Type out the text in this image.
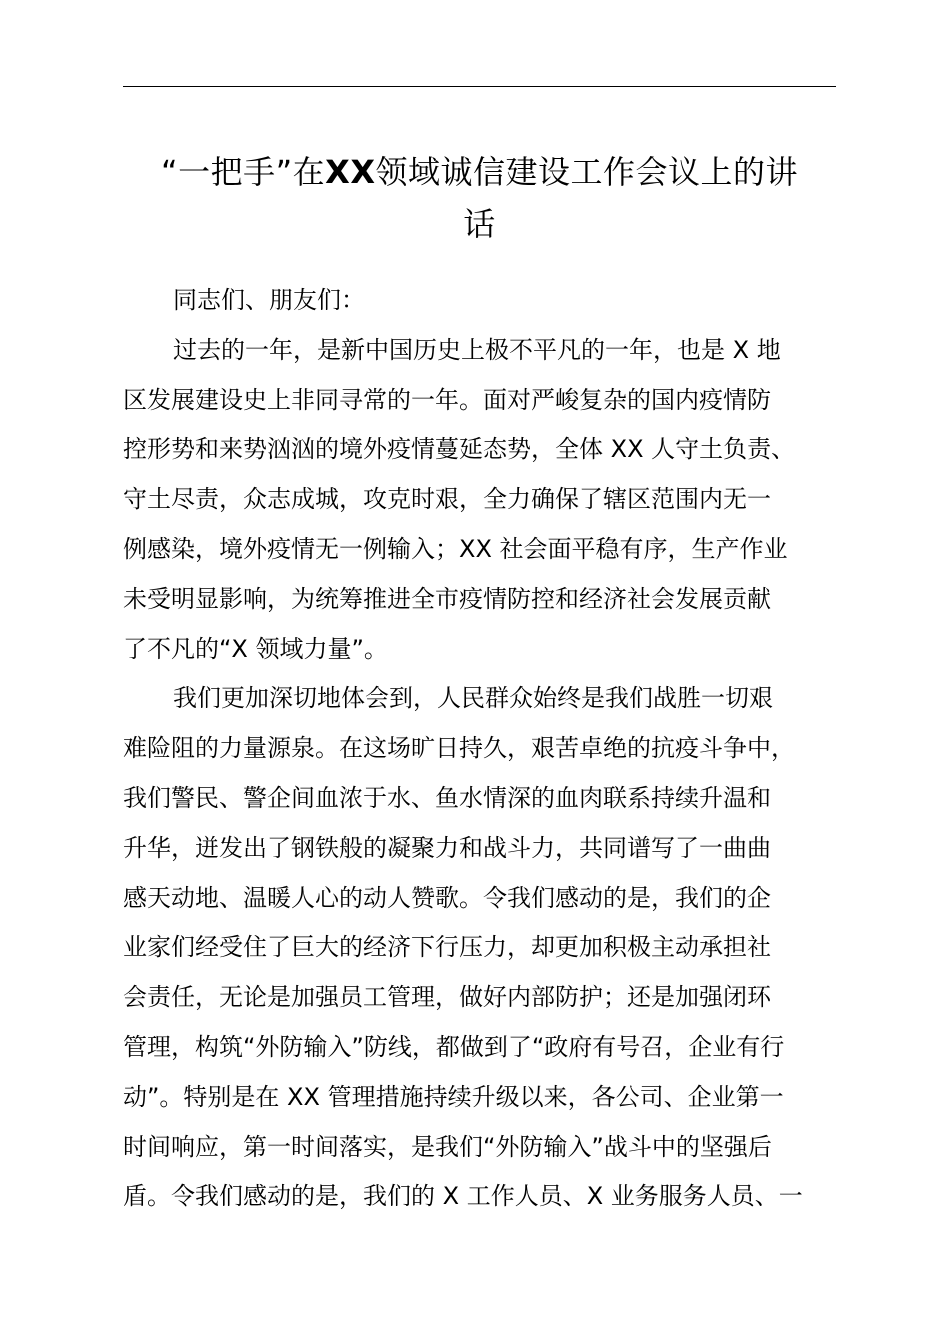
“一把手”在XX领域诚信建设工作会议上的讲
话
同志们、朋友们：
过去的一年，是新中国历史上极不平凡的一年，也是 X 地
区发展建设史上非同寻常的一年。面对严峻复杂的国内疫情防
控形势和来势汹汹的境外疫情蔓延态势，全体 XX 人守土负责、
守土尽责，众志成城，攻克时艰，全力确保了辖区范围内无一
例感染，境外疫情无一例输入；XX 社会面平稳有序，生产作业
未受明显影响，为统筹推进全市疫情防控和经济社会发展贡献
了不凡的“X 领域力量”。
我们更加深切地体会到，人民群众始终是我们战胜一切艰
难险阻的力量源泉。在这场旷日持久，艰苦卓绝的抗疫斗争中，
我们警民、警企间血浓于水、鱼水情深的血肉联系持续升温和
升华，迸发出了钢铁般的凝聚力和战斗力，共同谱写了一曲曲
感天动地、温暖人心的动人赞歌。令我们感动的是，我们的企
业家们经受住了巨大的经济下行压力，却更加积极主动承担社
会责任，无论是加强员工管理，做好内部防护；还是加强闭环
管理，构筑“外防输入”防线，都做到了“政府有号召，企业有行
动”。特别是在 XX 管理措施持续升级以来，各公司、企业第一
时间响应，第一时间落实，是我们“外防输入”战斗中的坚强后
盾。令我们感动的是，我们的 X 工作人员、X 业务服务人员、一
